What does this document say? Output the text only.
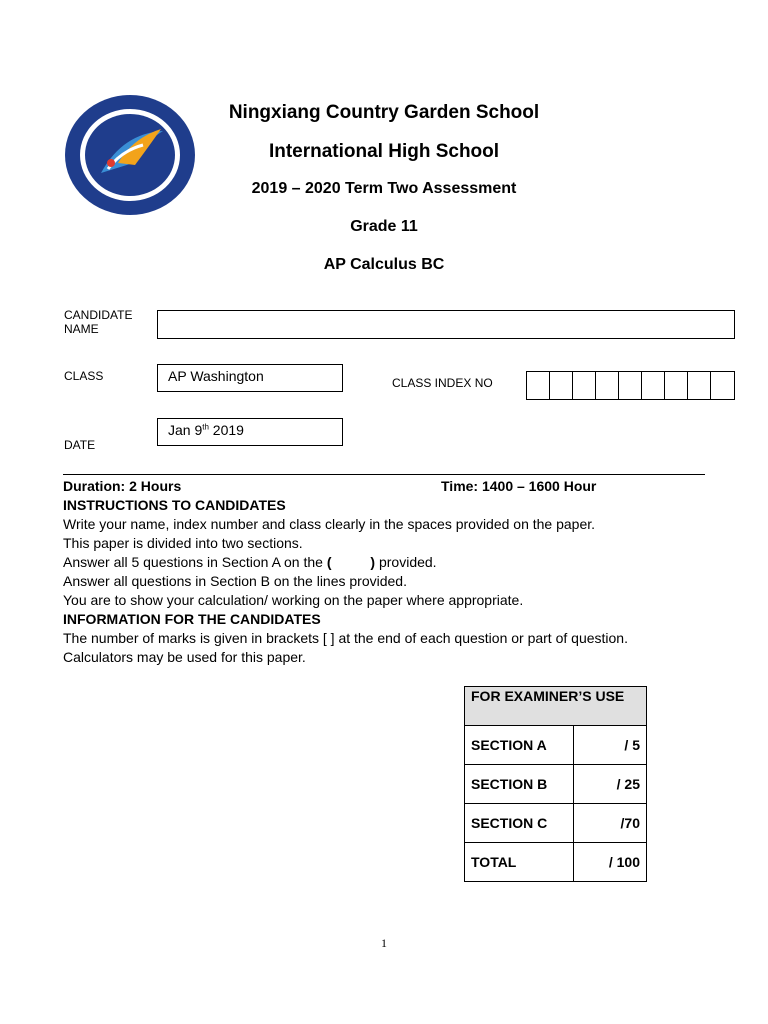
Ningxiang Country Garden School
International High School
2019 – 2020 Term Two Assessment
Grade 11
AP Calculus BC
CANDIDATE
NAME
CLASS	AP Washington	CLASS INDEX NO
Jan 9th 2019
DATE
Duration: 2 Hours	Time: 1400 – 1600 Hour
INSTRUCTIONS TO CANDIDATES
Write your name, index number and class clearly in the spaces provided on the paper.
This paper is divided into two sections.
Answer all 5 questions in Section A on the (          ) provided.
Answer all questions in Section B on the lines provided.
You are to show your calculation/ working on the paper where appropriate.
INFORMATION FOR THE CANDIDATES
The number of marks is given in brackets [ ] at the end of each question or part of question.
Calculators may be used for this paper.
FOR EXAMINER’S USE	
SECTION A	/ 5
SECTION B	/ 25
SECTION C	/70
TOTAL	/ 100
1
